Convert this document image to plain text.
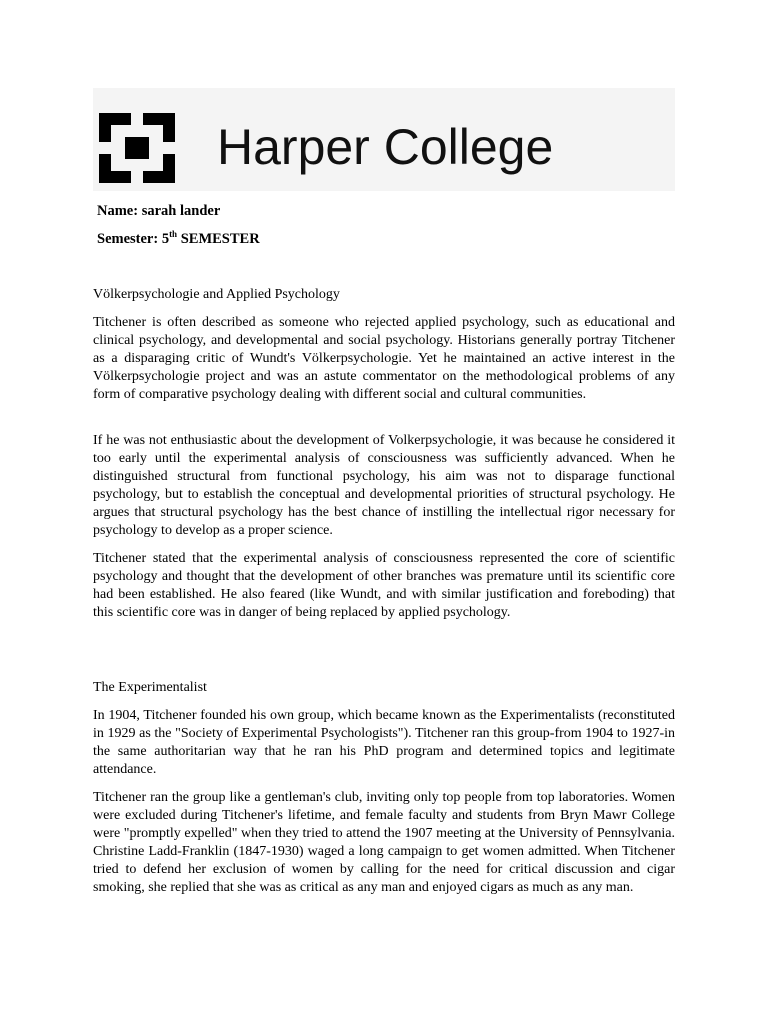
Harper College
Name: sarah lander
Semester: 5th SEMESTER
Völkerpsychologie and Applied Psychology

Titchener is often described as someone who rejected applied psychology, such as educational and clinical psychology, and developmental and social psychology. Historians generally portray Titchener as a disparaging critic of Wundt's Völkerpsychologie. Yet he maintained an active interest in the Völkerpsychologie project and was an astute commentator on the methodological problems of any form of comparative psychology dealing with different social and cultural communities.

If he was not enthusiastic about the development of Volkerpsychologie, it was because he considered it too early until the experimental analysis of consciousness was sufficiently advanced. When he distinguished structural from functional psychology, his aim was not to disparage functional psychology, but to establish the conceptual and developmental priorities of structural psychology. He argues that structural psychology has the best chance of instilling the intellectual rigor necessary for psychology to develop as a proper science.

Titchener stated that the experimental analysis of consciousness represented the core of scientific psychology and thought that the development of other branches was premature until its scientific core had been established. He also feared (like Wundt, and with similar justification and foreboding) that this scientific core was in danger of being replaced by applied psychology.

The Experimentalist

In 1904, Titchener founded his own group, which became known as the Experimentalists (reconstituted in 1929 as the "Society of Experimental Psychologists"). Titchener ran this group-from 1904 to 1927-in the same authoritarian way that he ran his PhD program and determined topics and legitimate attendance.

Titchener ran the group like a gentleman's club, inviting only top people from top laboratories. Women were excluded during Titchener's lifetime, and female faculty and students from Bryn Mawr College were "promptly expelled" when they tried to attend the 1907 meeting at the University of Pennsylvania. Christine Ladd-Franklin (1847-1930) waged a long campaign to get women admitted. When Titchener tried to defend her exclusion of women by calling for the need for critical discussion and cigar smoking, she replied that she was as critical as any man and enjoyed cigars as much as any man.
